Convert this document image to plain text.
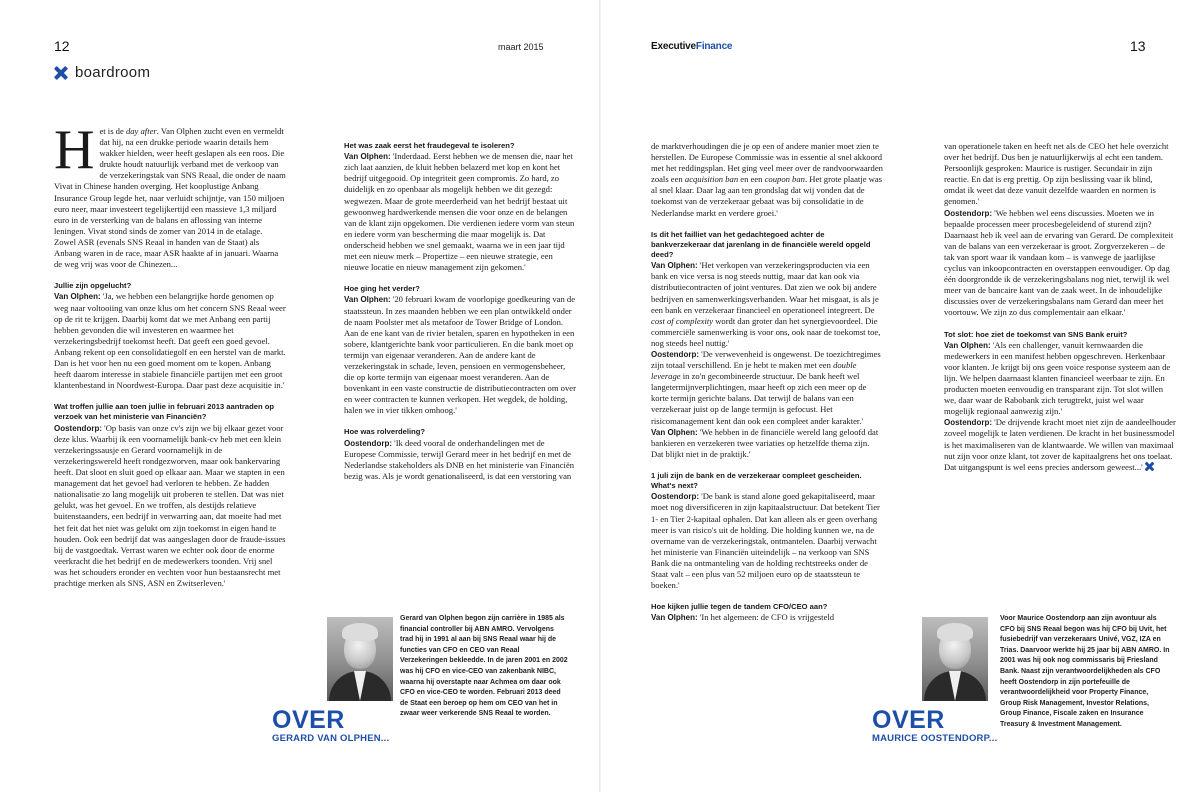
12	maart 2015	ExecutiveFinance	13
boardroom

Het is de day after. Van Olphen zucht even en vermeldt dat hij, na een drukke periode waarin details hem wakker hielden, weer heeft geslapen als een roos. Die drukte houdt natuurlijk verband met de verkoop van de verzekeringstak van SNS Reaal, die onder de naam Vivat in Chinese handen overging. Het kooplustige Anbang Insurance Group legde het, naar verluidt schijntje, van 150 miljoen euro neer, maar investeert tegelijkertijd een massieve 1,3 miljard euro in de versterking van de balans en aflossing van interne leningen. Vivat stond sinds de zomer van 2014 in de etalage. Zowel ASR (evenals SNS Reaal in handen van de Staat) als Anbang waren in de race, maar ASR haakte af in januari. Waarna de weg vrij was voor de Chinezen...

Jullie zijn opgelucht?
Van Olphen: 'Ja, we hebben een belangrijke horde genomen op weg naar voltooiing van onze klus om het concern SNS Reaal weer op de rit te krijgen. Daarbij komt dat we met Anbang een partij hebben gevonden die wil investeren en waarmee het verzekeringsbedrijf toekomst heeft. Dat geeft een goed gevoel. Anbang rekent op een consolidatiegolf en een herstel van de markt. Dan is het voor hen nu een goed moment om te kopen. Anbang heeft daarom interesse in stabiele financiële partijen met een groot klantenbestand in Noordwest-Europa. Daar past deze acquisitie in.'

Wat troffen jullie aan toen jullie in februari 2013 aantraden op verzoek van het ministerie van Financiën?
Oostendorp: 'Op basis van onze cv's zijn we bij elkaar gezet voor deze klus. Waarbij ik een voornamelijk bank-cv heb met een klein verzekeringssausje en Gerard voornamelijk in de verzekeringswereld heeft rondgezworven, maar ook bankervaring heeft. Dat sloot en sluit goed op elkaar aan. Maar we stapten in een management dat het gevoel had verloren te hebben. Ze hadden nationalisatie zo lang mogelijk uit proberen te stellen. Dat was niet gelukt, was het gevoel. En we troffen, als destijds relatieve buitenstaanders, een bedrijf in verwarring aan, dat moeite had met het feit dat het niet was gelukt om zijn toekomst in eigen hand te houden. Ook een bedrijf dat was aangeslagen door de fraude-issues bij de vastgoedtak. Verrast waren we echter ook door de enorme veerkracht die het bedrijf en de medewerkers toonden. Vrij snel was het schouders eronder en vechten voor hun bestaansrecht met prachtige merken als SNS, ASN en Zwitserleven.'

Het was zaak eerst het fraudegeval te isoleren?
Van Olphen: 'Inderdaad. Eerst hebben we de mensen die, naar het zich laat aanzien, de kluit hebben belazerd met kop en kont het bedrijf uitgegooid. Op integriteit geen compromis. Zo hard, zo duidelijk en zo openbaar als mogelijk hebben we dit gezegd: wegwezen. Maar de grote meerderheid van het bedrijf bestaat uit gewoonweg hardwerkende mensen die voor onze en de belangen van de klant zijn opgekomen. Die verdienen iedere vorm van steun en iedere vorm van bescherming die maar mogelijk is. Dat onderscheid hebben we snel gemaakt, waarna we in een jaar tijd met een nieuw merk – Propertize – een nieuwe strategie, een nieuwe locatie en nieuw management zijn gekomen.'

Hoe ging het verder?
Van Olphen: '20 februari kwam de voorlopige goedkeuring van de staatssteun. In zes maanden hebben we een plan ontwikkeld onder de naam Poolster met als metafoor de Tower Bridge of London. Aan de ene kant van de rivier betalen, sparen en hypotheken in een sobere, klantgerichte bank voor particulieren. En die bank moet op termijn van eigenaar veranderen. Aan de andere kant de verzekeringstak in schade, leven, pensioen en vermogensbeheer, die op korte termijn van eigenaar moest veranderen. Aan de bovenkant in een vaste constructie de distributiecontracten om over en weer contracten te kunnen verkopen. Het wegdek, de holding, halen we in vier tikken omhoog.'

Hoe was rolverdeling?
Oostendorp: 'Ik deed vooral de onderhandelingen met de Europese Commissie, terwijl Gerard meer in het bedrijf en met de Nederlandse stakeholders als DNB en het ministerie van Financiën bezig was. Als je wordt genationaliseerd, is dat een verstoring van

de marktverhoudingen die je op een of andere manier moet zien te herstellen. De Europese Commissie was in essentie al snel akkoord met het reddingsplan. Het ging veel meer over de randvoorwaarden zoals een acquisition ban en een coupon ban. Het grote plaatje was al snel klaar. Daar lag aan ten grondslag dat wij vonden dat de toekomst van de verzekeraar gebaat was bij consolidatie in de Nederlandse markt en verdere groei.'

Is dit het failliet van het gedachtegoed achter de bankverzekeraar dat jarenlang in de financiële wereld opgeld deed?
Van Olphen: 'Het verkopen van verzekeringsproducten via een bank en vice versa is nog steeds nuttig, maar dat kan ook via distributiecontracten of joint ventures. Dat zien we ook bij andere bedrijven en samenwerkingsverbanden. Waar het misgaat, is als je een bank en verzekeraar financieel en operationeel integreert. De cost of complexity wordt dan groter dan het synergievoordeel. Die commerciële samenwerking is voor ons, ook naar de toekomst toe, nog steeds heel nuttig.'

Oostendorp: 'De verwevenheid is ongewenst. De toezichtregimes zijn totaal verschillend. En je hebt te maken met een double leverage in zo'n gecombineerde structuur. De bank heeft wel langetermijnverplichtingen, maar heeft op zich een meer op de korte termijn gerichte balans. Dat terwijl de balans van een verzekeraar juist op de lange termijn is gefocust. Het risicomanagement kent dan ook een compleet ander karakter.'

Van Olphen: 'We hebben in de financiële wereld lang geloofd dat bankieren en verzekeren twee variaties op hetzelfde thema zijn. Dat blijkt niet in de praktijk.'

1 juli zijn de bank en de verzekeraar compleet gescheiden. What's next?
Oostendorp: 'De bank is stand alone goed gekapitaliseerd, maar moet nog diversificeren in zijn kapitaalstructuur. Dat betekent Tier 1- en Tier 2-kapitaal ophalen. Dat kan alleen als er geen overhang meer is van risico's uit de holding. Die holding kunnen we, na de overname van de verzekeringstak, ontmantelen. Daarbij verwacht het ministerie van Financiën uiteindelijk – na verkoop van SNS Bank die na ontmanteling van de holding rechtstreeks onder de Staat valt – een plus van 52 miljoen euro op de staatssteun te boeken.'

Hoe kijken jullie tegen de tandem CFO/CEO aan?
Van Olphen: 'In het algemeen: de CFO is vrijgesteld

van operationele taken en heeft net als de CEO het hele overzicht over het bedrijf. Dus ben je natuurlijkerwijs al echt een tandem. Persoonlijk gesproken: Maurice is rustiger. Secundair in zijn reactie. En dat is erg prettig. Op zijn beslissing vaar ik blind, omdat ik weet dat deze vanuit dezelfde waarden en normen is genomen.'

Oostendorp: 'We hebben wel eens discussies. Moeten we in bepaalde processen meer procesbegeleidend of sturend zijn? Daarnaast heb ik veel aan de ervaring van Gerard. De complexiteit van de balans van een verzekeraar is groot. Zorgverzekeren – de tak van sport waar ik vandaan kom – is vanwege de jaarlijkse cyclus van inkoopcontracten en overstappen eenvoudiger. Op dag één doorgrondde ik de verzekeringsbalans nog niet, terwijl ik wel meer van de bancaire kant van de zaak weet. In de inhoudelijke discussies over de verzekeringsbalans nam Gerard dan meer het voortouw. We zijn zo dus complementair aan elkaar.'

Tot slot: hoe ziet de toekomst van SNS Bank eruit?
Van Olphen: 'Als een challenger, vanuit kernwaarden die medewerkers in een manifest hebben opgeschreven. Herkenbaar voor klanten. Je krijgt bij ons geen voice response systeem aan de lijn. We helpen daarnaast klanten financieel weerbaar te zijn. En producten moeten eenvoudig en transparant zijn. Tot slot willen we, daar waar de Rabobank zich terugtrekt, juist wel waar mogelijk regionaal aanwezig zijn.'

Oostendorp: 'De drijvende kracht moet niet zijn de aandeelhouder zoveel mogelijk te laten verdienen. De kracht in het businessmodel is het maximaliseren van de klantwaarde. We willen van maximaal nut zijn voor onze klant, tot zover de kapitaalgrens het ons toelaat. Dat uitgangspunt is wel eens precies andersom geweest...'

OVER
GERARD VAN OLPHEN...
Gerard van Olphen begon zijn carrière in 1985 als financial controller bij ABN AMRO. Vervolgens trad hij in 1991 al aan bij SNS Reaal waar hij de functies van CFO en CEO van Reaal Verzekeringen bekleedde. In de jaren 2001 en 2002 was hij CFO en vice-CEO van zakenbank NIBC, waarna hij overstapte naar Achmea om daar ook CFO en vice-CEO te worden. Februari 2013 deed de Staat een beroep op hem om CEO van het in zwaar weer verkerende SNS Reaal te worden.	OVER
MAURICE OOSTENDORP...
Voor Maurice Oostendorp aan zijn avontuur als CFO bij SNS Reaal begon was hij CFO bij Uvit, het fusiebedrijf van verzekeraars Univé, VGZ, IZA en Trias. Daarvoor werkte hij 25 jaar bij ABN AMRO. In 2001 was hij ook nog commissaris bij Friesland Bank. Naast zijn verantwoordelijkheden als CFO heeft Oostendorp in zijn portefeuille de verantwoordelijkheid voor Property Finance, Group Risk Management, Investor Relations, Group Finance, Fiscale zaken en Insurance Treasury & Investment Management.
